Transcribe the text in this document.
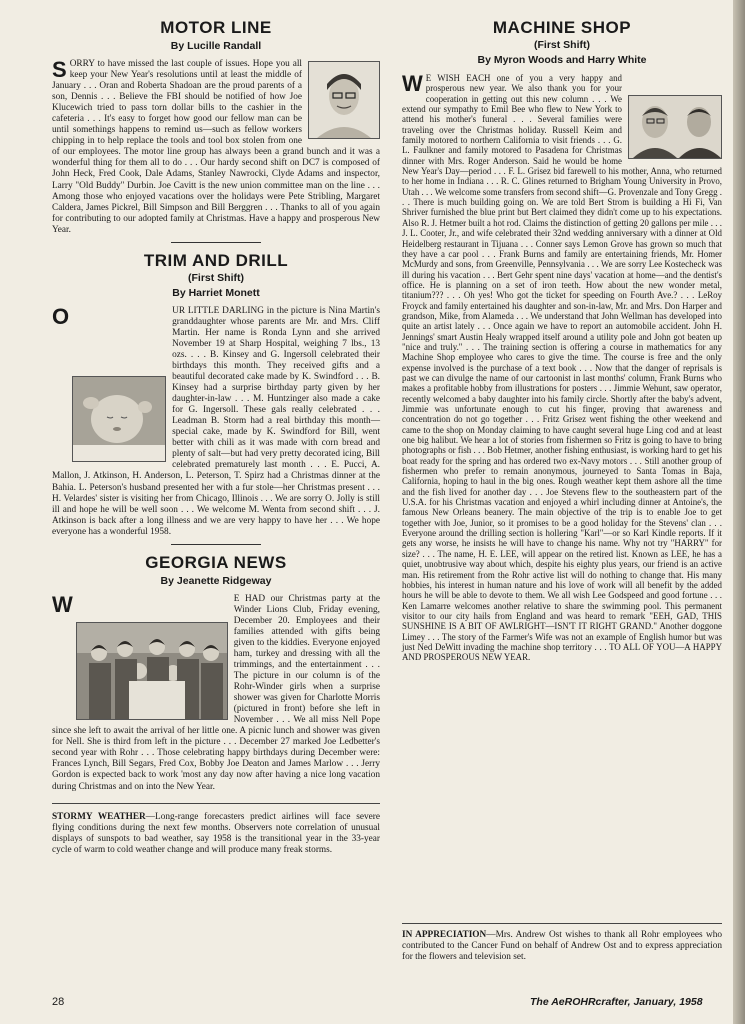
MOTOR LINE
By Lucille Randall

SORRY to have missed the last couple of issues. Hope you all keep your New Year's resolutions until at least the middle of January . . . Oran and Roberta Shadoan are the proud parents of a son, Dennis . . . Believe the FBI should be notified of how Joe Klucewich tried to pass torn dollar bills to the cashier in the cafeteria . . . It's easy to forget how good our fellow man can be until somethings happens to remind us—such as fellow workers chipping in to help replace the tools and tool box stolen from one of our employees. The motor line group has always been a grand bunch and it was a wonderful thing for them all to do . . . Our hardy second shift on DC7 is composed of John Heck, Fred Cook, Dale Adams, Stanley Nawrocki, Clyde Adams and inspector, Larry "Old Buddy" Durbin. Joe Cavitt is the new union committee man on the line . . . Among those who enjoyed vacations over the holidays were Pete Stribling, Margaret Caldera, James Pickrel, Bill Simpson and Bill Berggren . . . Thanks to all of you again for contributing to our adopted family at Christmas. Have a happy and prosperous New Year.

TRIM AND DRILL
(First Shift)
By Harriet Monett

O	UR LITTLE DARLING in the picture is Nina Martin's granddaughter whose parents are Mr. and Mrs. Cliff Martin. Her name is Ronda Lynn and she arrived November 19 at Sharp Hospital, weighing 7 lbs., 13 ozs. . . . B. Kinsey and G. Ingersoll celebrated their birthdays this month. They received gifts and a beautiful decorated cake made by K. Swindford . . . B. Kinsey had a surprise birthday party given by her daughter-in-law . . . M. Huntzinger also made a cake for G. Ingersoll. These gals really celebrated . . . Leadman B. Storm had a real birthday this month—special cake, made by K. Swindford for Bill, went better with chili as it was made with corn bread and plenty of salt—but had very pretty decorated icing, Bill celebrated prematurely last month . . . E. Pucci, A. Mallon, J. Atkinson, H. Anderson, L. Peterson, T. Spirz had a Christmas dinner at the Bahia. L. Peterson's husband presented her with a fur stole—her Christmas present . . . H. Velardes' sister is visiting her from Chicago, Illinois . . . We are sorry O. Jolly is still ill and hope he will be well soon . . . We welcome M. Wenta from second shift . . . J. Atkinson is back after a long illness and we are very happy to have her . . . We hope everyone has a wonderful 1958.

GEORGIA NEWS
By Jeanette Ridgeway

W	E HAD our Christmas party at the Winder Lions Club, Friday evening, December 20. Employees and their families attended with gifts being given to the kiddies. Everyone enjoyed ham, turkey and dressing with all the trimmings, and the entertainment . . . The picture in our column is of the Rohr-Winder girls when a surprise shower was given for Charlotte Morris (pictured in front) before she left in November . . . We all miss Nell Pope since she left to await the arrival of her little one. A picnic lunch and shower was given for Nell. She is third from left in the picture . . . December 27 marked Joe Ledbetter's second year with Rohr . . . Those celebrating happy birthdays during December were: Frances Lynch, Bill Segars, Fred Cox, Bobby Joe Deaton and James Marlow . . . Jerry Gordon is expected back to work 'most any day now after having a nice long vacation during Christmas and on into the New Year.

STORMY WEATHER—Long-range forecasters predict airlines will face severe flying conditions during the next few months. Observers note correlation of unusual displays of sunspots to bad weather, say 1958 is the transitional year in the 33-year cycle of warm to cold weather change and will produce many freak storms.

MACHINE SHOP
(First Shift)
By Myron Woods and Harry White

W E WISH EACH one of you a very happy and prosperous new year. We also thank you for your cooperation in getting out this new column . . . We extend our sympathy to Emil Bee who flew to New York to attend his mother's funeral . . . Several families were traveling over the Christmas holiday. Russell Keim and family motored to northern California to visit friends . . . G. L. Faulkner and family motored to Pasadena for Christmas dinner with Mrs. Roger Anderson. Said he would be home New Year's Day—period . . . F. L. Grisez bid farewell to his mother, Anna, who returned to her home in Indiana . . . R. C. Glines returned to Brigham Young University in Provo, Utah . . . We welcome some transfers from second shift—G. Provenzale and Tony Gregg . . . There is much building going on. We are told Bert Strom is building a Hi Fi, Van Shriver furnished the blue print but Bert claimed they didn't come up to his expectations. Also R. J. Hetmer built a hot rod. Claims the distinction of getting 20 gallons per mile . . . J. L. Cooter, Jr., and wife celebrated their 32nd wedding anniversary with a dinner at Old Heidelberg restaurant in Tijuana . . . Conner says Lemon Grove has grown so much that they have a car pool . . . Frank Burns and family are entertaining friends, Mr. Homer McMurdy and sons, from Greenville, Pennsylvania . . . We are sorry Lee Kostecheck was ill during his vacation . . . Bert Gehr spent nine days' vacation at home—and the dentist's office. He is planning on a set of iron teeth. How about the new wonder metal, titanium??? . . . Oh yes! Who got the ticket for speeding on Fourth Ave.? . . . LeRoy Froyck and family entertained his daughter and son-in-law, Mr. and Mrs. Don Harper and grandson, Mike, from Alameda . . . We understand that John Wellman has developed into quite an artist lately . . . Once again we have to report an automobile accident. John H. Jennings' smart Austin Healy wrapped itself around a utility pole and John got beaten up "nice and truly." . . . The training section is offering a course in mathematics for any Machine Shop employee who cares to give the time. The course is free and the only expense involved is the purchase of a text book . . . Now that the danger of reprisals is past we can divulge the name of our cartoonist in last months' column, Frank Burns who makes a profitable hobby from illustrations for posters . . . Jimmie Wehunt, saw operator, recently welcomed a baby daughter into his family circle. Shortly after the baby's advent, Jimmie was unfortunate enough to cut his finger, proving that awareness and concentration do not go together . . . Fritz Grisez went fishing the other weekend and came to the shop on Monday claiming to have caught several huge Ling cod and at least one big halibut. We hear a lot of stories from fishermen so Fritz is going to have to bring photographs or fish . . . Bob Hetmer, another fishing enthusiast, is working hard to get his boat ready for the spring and has ordered two ex-Navy motors . . . Still another group of fishermen who prefer to remain anonymous, journeyed to Santa Tomas in Baja, California, hoping to haul in the big ones. Rough weather kept them ashore all the time and the fish lived for another day . . . Joe Stevens flew to the southeastern part of the U.S.A. for his Christmas vacation and enjoyed a whirl including dinner at Antoine's, the famous New Orleans beanery. The main objective of the trip is to enable Joe to get together with Joe, Junior, so it promises to be a good holiday for the Stevens' clan . . . Everyone around the drilling section is hollering "Karl"—or so Karl Kindle reports. If it gets any worse, he insists he will have to change his name. Why not try "HARRY" for size? . . . The name, H. E. LEE, will appear on the retired list. Known as LEE, he has a quiet, unobtrusive way about which, despite his eighty plus years, our friend is an active man. His retirement from the Rohr active list will do nothing to change that. His many hobbies, his interest in human nature and his love of work will all benefit by the added hours he will be able to devote to them. We all wish Lee Godspeed and good fortune . . . Ken Lamarre welcomes another relative to share the swimming pool. This permanent visitor to our city hails from England and was heard to remark "EEH, GAD, THIS SUNSHINE IS A BIT OF AWLRIGHT—ISN'T IT RIGHT GRAND." Another doggone Limey . . . The story of the Farmer's Wife was not an example of English humor but was just Ned DeWitt invading the machine shop territory . . . TO ALL OF YOU—A HAPPY AND PROSPEROUS NEW YEAR.

IN APPRECIATION—Mrs. Andrew Ost wishes to thank all Rohr employees who contributed to the Cancer Fund on behalf of Andrew Ost and to express appreciation for the flowers and television set.

28	The AeROHRcrafter, January, 1958
